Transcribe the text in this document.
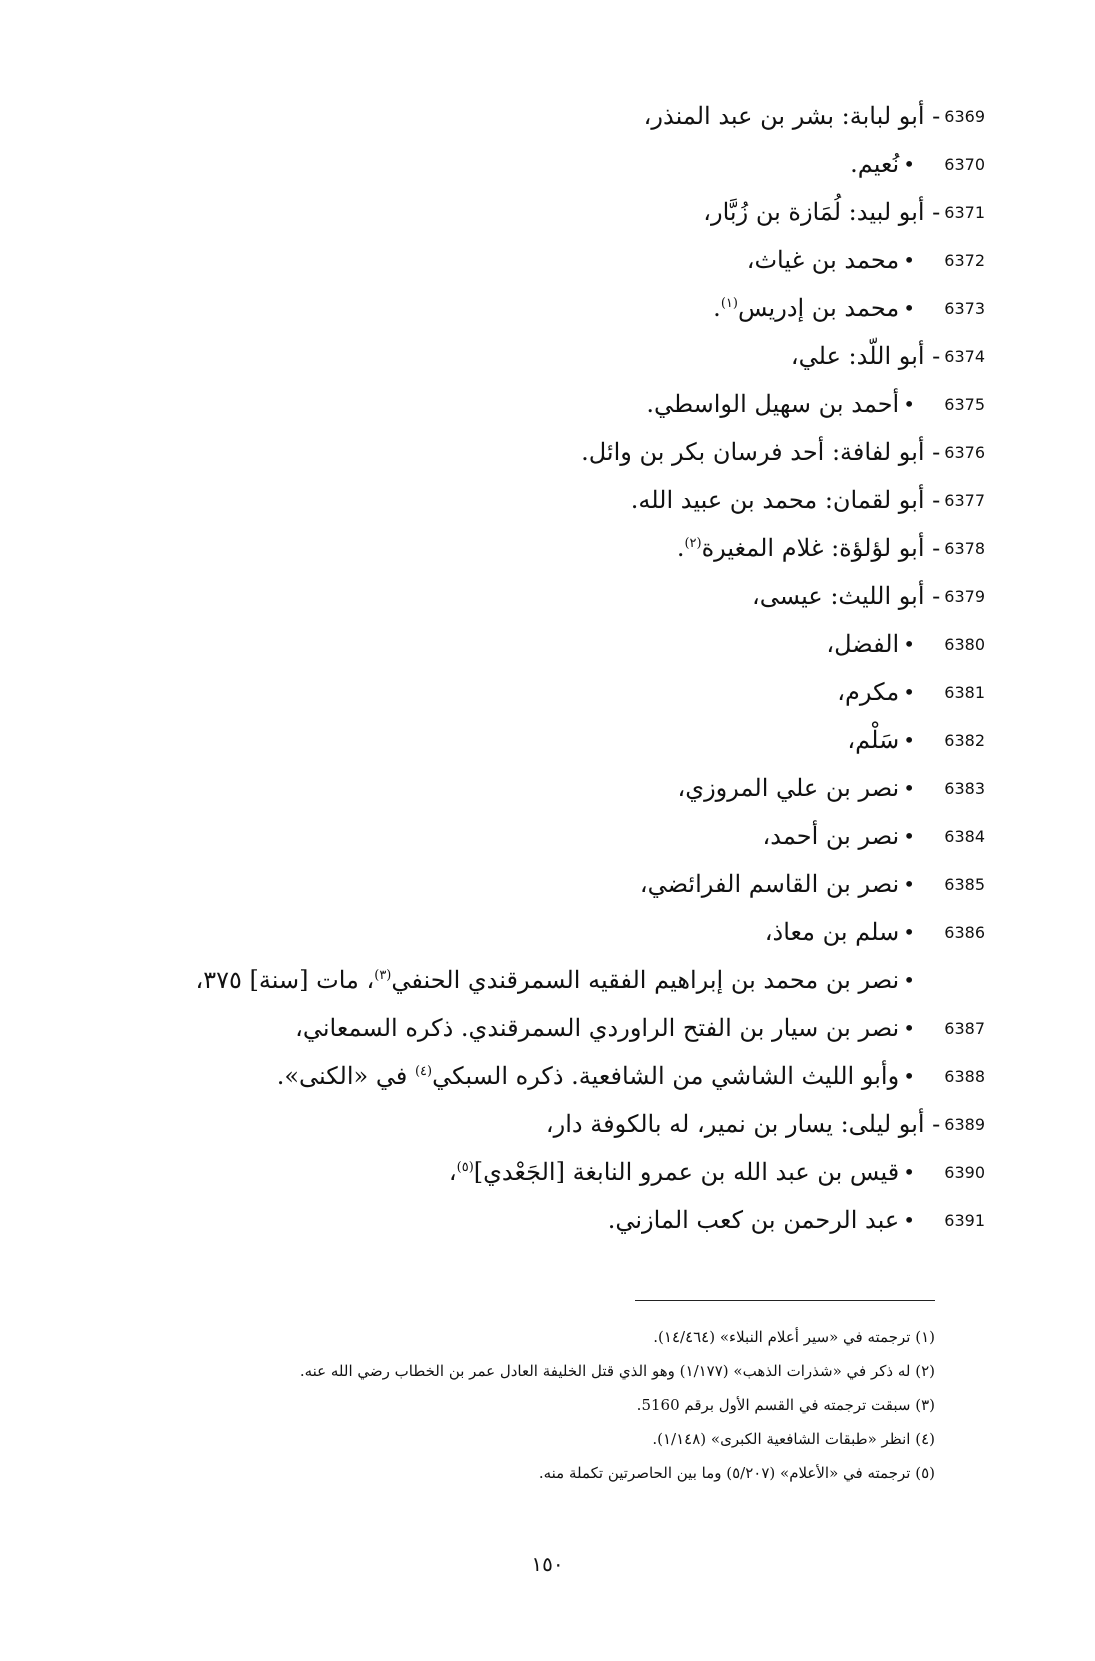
6369
- أبو لبابة: بشر بن عبد المنذر،
6370
•
نُعيم.
6371
- أبو لبيد: لُمَازة بن زُبَّار،
6372
•
محمد بن غياث،
6373
•
محمد بن إدريس$^{(١)}$.
6374
- أبو اللّد: علي،
6375
•
أحمد بن سهيل الواسطي.
6376
- أبو لفافة: أحد فرسان بكر بن وائل.
6377
- أبو لقمان: محمد بن عبيد الله.
6378
- أبو لؤلؤة: غلام المغيرة$^{(٢)}$.
6379
- أبو الليث: عيسى،
6380
•
الفضل،
6381
•
مكرم،
6382
•
سَلْم،
6383
•
نصر بن علي المروزي،
6384
•
نصر بن أحمد،
6385
•
نصر بن القاسم الفرائضي،
6386
•
سلم بن معاذ،
•
نصر بن محمد بن إبراهيم الفقيه السمرقندي الحنفي$^{(٣)}$، مات [سنة] ٣٧٥،
6387
•
نصر بن سيار بن الفتح الراوردي السمرقندي. ذكره السمعاني،
6388
•
وأبو الليث الشاشي من الشافعية. ذكره السبكي$^{(٤)}$ في «الكنى».
6389
- أبو ليلى: يسار بن نمير، له بالكوفة دار،
6390
•
قيس بن عبد الله بن عمرو النابغة [الجَعْدي]$^{(٥)}$،
6391
•
عبد الرحمن بن كعب المازني.
(١) ترجمته في «سير أعلام النبلاء» (١٤/٤٦٤).
(٢) له ذكر في «شذرات الذهب» (١/١٧٧) وهو الذي قتل الخليفة العادل عمر بن الخطاب رضي الله عنه.
(٣) سبقت ترجمته في القسم الأول برقم 5160.
(٤) انظر «طبقات الشافعية الكبرى» (١/١٤٨).
(٥) ترجمته في «الأعلام» (٥/٢٠٧) وما بين الحاصرتين تكملة منه.
١٥٠
